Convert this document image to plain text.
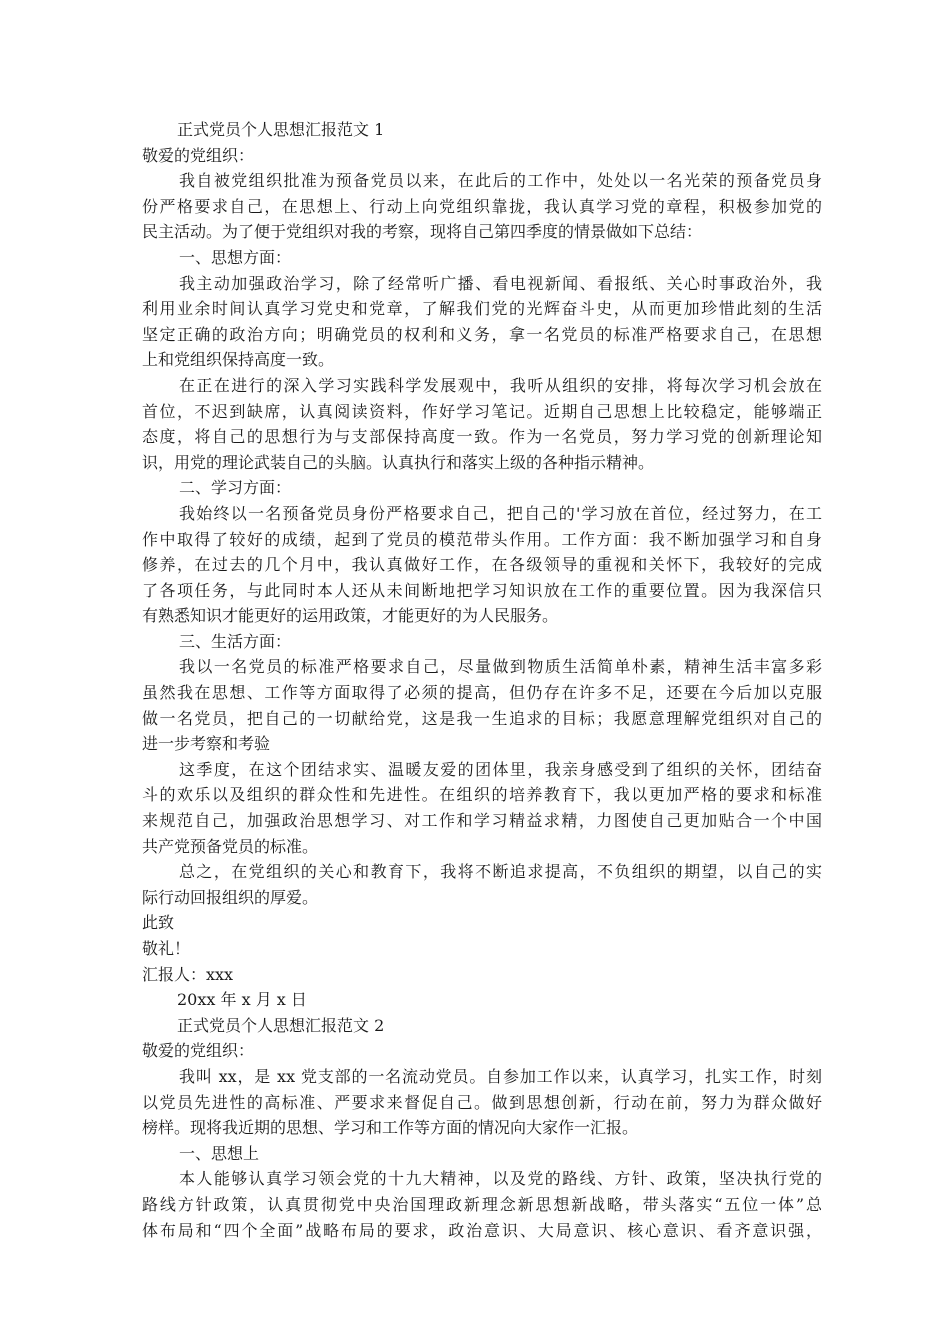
正式党员个人思想汇报范文 1
敬爱的党组织：
我自被党组织批准为预备党员以来，在此后的工作中，处处以一名光荣的预备党员身
份严格要求自己，在思想上、行动上向党组织靠拢，我认真学习党的章程，积极参加党的
民主活动。为了便于党组织对我的考察，现将自己第四季度的情景做如下总结：
一、思想方面：
我主动加强政治学习，除了经常听广播、看电视新闻、看报纸、关心时事政治外，我
利用业余时间认真学习党史和党章，了解我们党的光辉奋斗史，从而更加珍惜此刻的生活
坚定正确的政治方向；明确党员的权利和义务，拿一名党员的标准严格要求自己，在思想
上和党组织保持高度一致。
在正在进行的深入学习实践科学发展观中，我听从组织的安排，将每次学习机会放在
首位，不迟到缺席，认真阅读资料，作好学习笔记。近期自己思想上比较稳定，能够端正
态度，将自己的思想行为与支部保持高度一致。作为一名党员，努力学习党的创新理论知
识，用党的理论武装自己的头脑。认真执行和落实上级的各种指示精神。
二、学习方面：
我始终以一名预备党员身份严格要求自己，把自己的'学习放在首位，经过努力，在工
作中取得了较好的成绩，起到了党员的模范带头作用。工作方面：我不断加强学习和自身
修养，在过去的几个月中，我认真做好工作，在各级领导的重视和关怀下，我较好的完成
了各项任务，与此同时本人还从未间断地把学习知识放在工作的重要位置。因为我深信只
有熟悉知识才能更好的运用政策，才能更好的为人民服务。
三、生活方面：
我以一名党员的标准严格要求自己，尽量做到物质生活简单朴素，精神生活丰富多彩
虽然我在思想、工作等方面取得了必须的提高，但仍存在许多不足，还要在今后加以克服
做一名党员，把自己的一切献给党，这是我一生追求的目标；我愿意理解党组织对自己的
进一步考察和考验
这季度，在这个团结求实、温暖友爱的团体里，我亲身感受到了组织的关怀，团结奋
斗的欢乐以及组织的群众性和先进性。在组织的培养教育下，我以更加严格的要求和标准
来规范自己，加强政治思想学习、对工作和学习精益求精，力图使自己更加贴合一个中国
共产党预备党员的标准。
总之，在党组织的关心和教育下，我将不断追求提高，不负组织的期望，以自己的实
际行动回报组织的厚爱。
此致
敬礼！
汇报人：xxx
20xx 年 x 月 x 日
正式党员个人思想汇报范文 2
敬爱的党组织：
我叫 xx，是 xx 党支部的一名流动党员。自参加工作以来，认真学习，扎实工作，时刻
以党员先进性的高标准、严要求来督促自己。做到思想创新，行动在前，努力为群众做好
榜样。现将我近期的思想、学习和工作等方面的情况向大家作一汇报。
一、思想上
本人能够认真学习领会党的十九大精神，以及党的路线、方针、政策，坚决执行党的
路线方针政策，认真贯彻党中央治国理政新理念新思想新战略，带头落实“五位一体”总
体布局和“四个全面”战略布局的要求，政治意识、大局意识、核心意识、看齐意识强，
